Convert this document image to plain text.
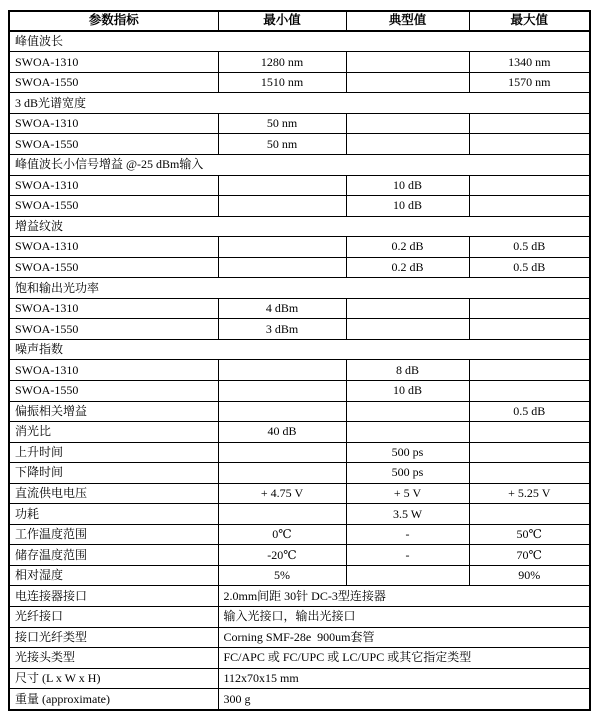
参数指标	最小值	典型值	最大值
峰值波长			
SWOA-1310	1280 nm		1340 nm
SWOA-1550	1510 nm		1570 nm
3 dB光谱宽度			
SWOA-1310	50 nm		
SWOA-1550	50 nm		
峰值波长小信号增益 @-25 dBm输入			
SWOA-1310		10 dB	
SWOA-1550		10 dB	
增益纹波			
SWOA-1310		0.2 dB	0.5 dB
SWOA-1550		0.2 dB	0.5 dB
饱和输出光功率			
SWOA-1310	4 dBm		
SWOA-1550	3 dBm		
噪声指数			
SWOA-1310		8 dB	
SWOA-1550		10 dB	
偏振相关增益			0.5 dB
消光比	40 dB		
上升时间		500 ps	
下降时间		500 ps	
直流供电电压	+ 4.75 V	+ 5 V	+ 5.25 V
功耗		3.5 W	
工作温度范围	0℃	-	50℃
储存温度范围	-20℃	-	70℃
相对湿度	5%		90%
电连接器接口	2.0mm间距 30针 DC-3型连接器		
光纤接口	输入光接口，输出光接口		
接口光纤类型	Corning SMF-28e  900um套管		
光接头类型	FC/APC 或 FC/UPC 或 LC/UPC 或其它指定类型		
尺寸 (L x W x H)	112x70x15 mm		
重量 (approximate)	300 g		
